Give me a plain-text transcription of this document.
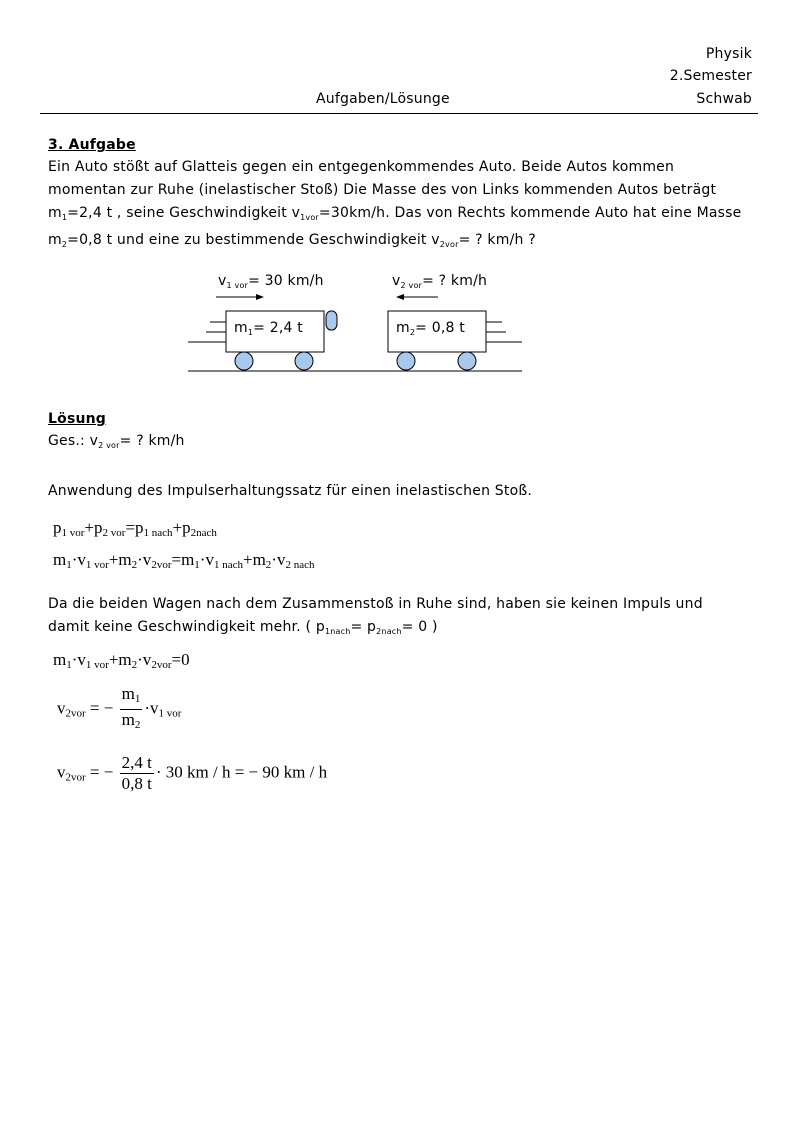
Physik
2.Semester
Aufgaben/Lösunge	Schwab
3. Aufgabe
Ein Auto stößt auf Glatteis gegen ein entgegenkommendes Auto. Beide Autos kommen
momentan zur Ruhe (inelastischer Stoß) Die Masse des von Links kommenden Autos beträgt
$m_1=2,4$ t , seine Geschwindigkeit $v_{1vor}=30km/h$. Das von Rechts kommende Auto hat eine Masse
$m_2=0,8$ t und eine zu bestimmende Geschwindigkeit $v_{2vor}=$ ? km/h ?
$v_{1 vor}= 30$ km/h	$v_{2 vor}=$ ? km/h
$m_1= 2,4$ t	$m_2= 0,8$ t
Lösung
Ges.: $v_{2 vor}=$ ? km/h
Anwendung des Impulserhaltungssatz für einen inelastischen Stoß.
p1 vor+p2 vor=p1 nach+p2nach
m1·v1 vor+m2·v2vor=m1·v1 nach+m2·v2 nach
Da die beiden Wagen nach dem Zusammenstoß in Ruhe sind, haben sie keinen Impuls und
damit keine Geschwindigkeit mehr. ( $p_{1nach}= p_{2nach}= 0$ )
m1·v1 vor+m2·v2vor=0
v2vor = − $\frac{m1}{m2} \cdot v1$ vor
v2vor = − $\frac{2,4 t}{0,8 t} \cdot 30$ km / h = − 90 km / h
